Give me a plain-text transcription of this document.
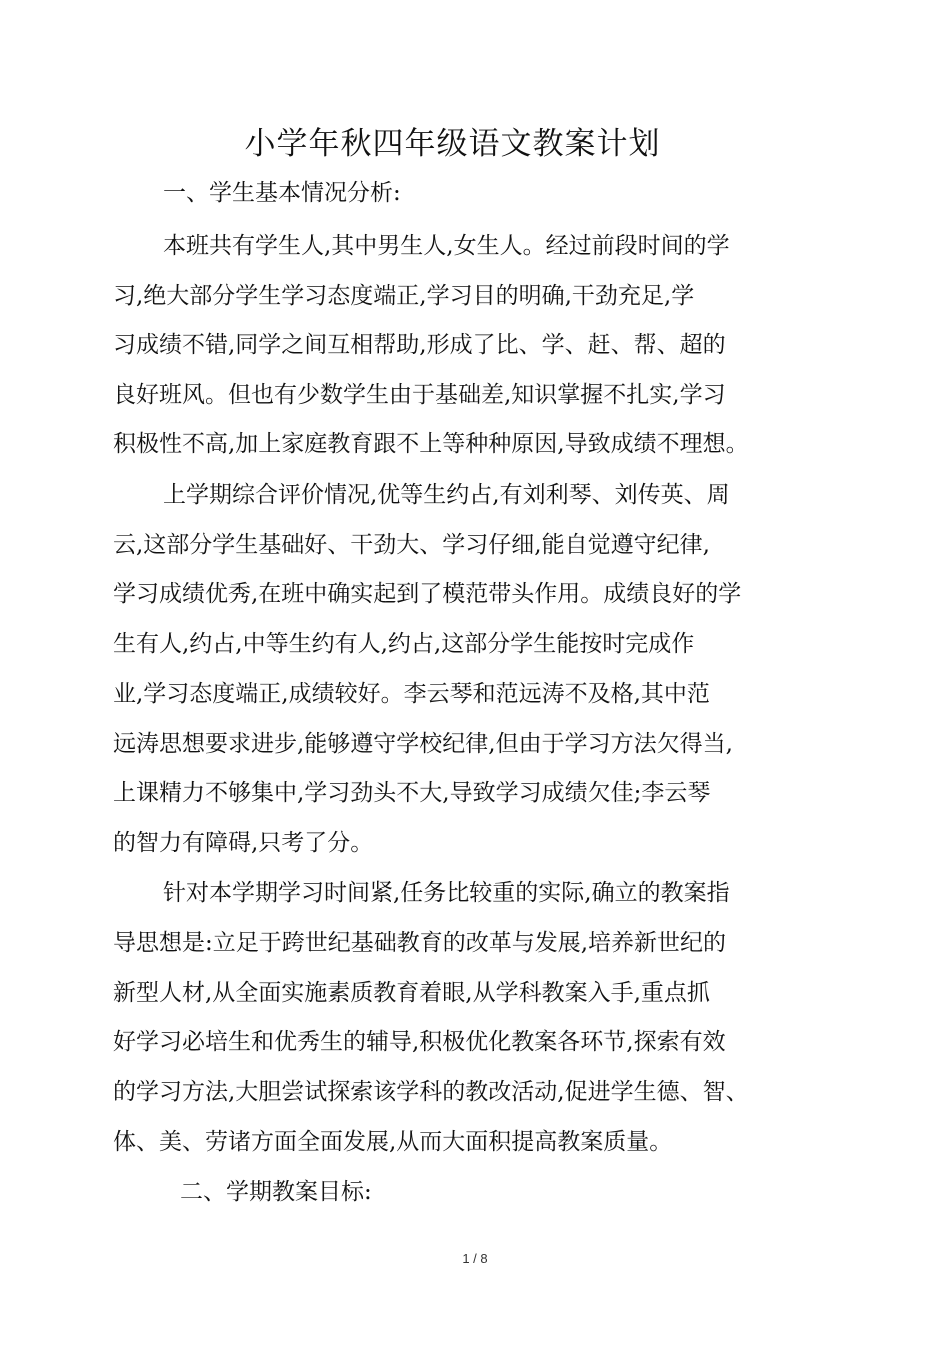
小学年秋四年级语文教案计划
一、学生基本情况分析:
本班共有学生人,其中男生人,女生人。经过前段时间的学
习,绝大部分学生学习态度端正,学习目的明确,干劲充足,学
习成绩不错,同学之间互相帮助,形成了比、学、赶、帮、超的
良好班风。但也有少数学生由于基础差,知识掌握不扎实,学习
积极性不高,加上家庭教育跟不上等种种原因,导致成绩不理想。
上学期综合评价情况,优等生约占,有刘利琴、刘传英、周
云,这部分学生基础好、干劲大、学习仔细,能自觉遵守纪律,
学习成绩优秀,在班中确实起到了模范带头作用。成绩良好的学
生有人,约占,中等生约有人,约占,这部分学生能按时完成作
业,学习态度端正,成绩较好。李云琴和范远涛不及格,其中范
远涛思想要求进步,能够遵守学校纪律,但由于学习方法欠得当,
上课精力不够集中,学习劲头不大,导致学习成绩欠佳;李云琴
的智力有障碍,只考了分。
针对本学期学习时间紧,任务比较重的实际,确立的教案指
导思想是:立足于跨世纪基础教育的改革与发展,培养新世纪的
新型人材,从全面实施素质教育着眼,从学科教案入手,重点抓
好学习必培生和优秀生的辅导,积极优化教案各环节,探索有效
的学习方法,大胆尝试探索该学科的教改活动,促进学生德、智、
体、美、劳诸方面全面发展,从而大面积提高教案质量。
二、学期教案目标:
1 / 8
